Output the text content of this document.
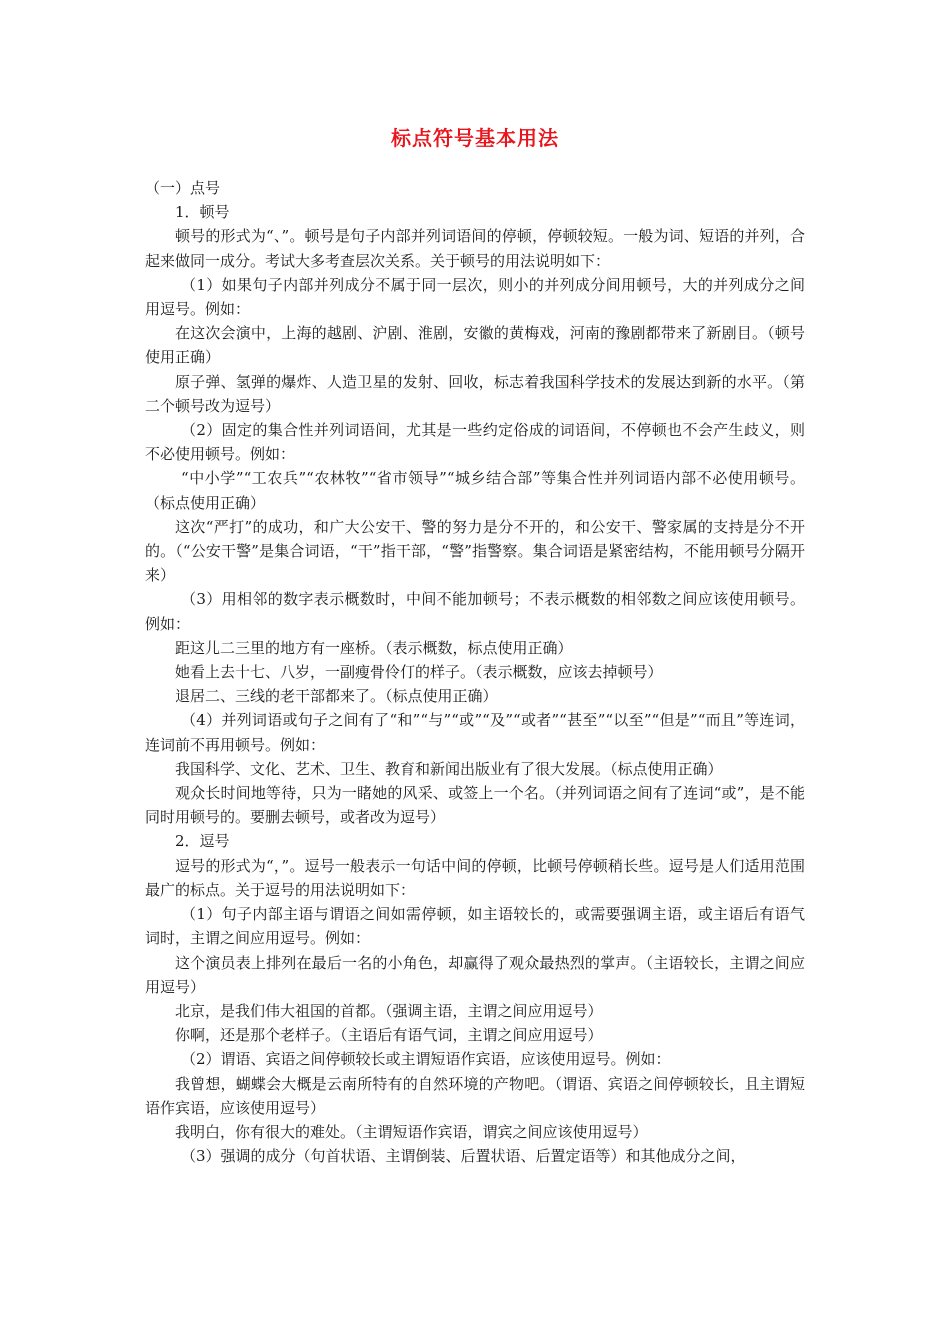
标点符号基本用法

（一）点号

1．顿号

顿号的形式为“、”。顿号是句子内部并列词语间的停顿，停顿较短。一般为词、短语的并列，合起来做同一成分。考试大多考查层次关系。关于顿号的用法说明如下：

（1）如果句子内部并列成分不属于同一层次，则小的并列成分间用顿号，大的并列成分之间用逗号。例如：

在这次会演中，上海的越剧、沪剧、淮剧，安徽的黄梅戏，河南的豫剧都带来了新剧目。（顿号使用正确）

原子弹、氢弹的爆炸、人造卫星的发射、回收，标志着我国科学技术的发展达到新的水平。（第二个顿号改为逗号）

（2）固定的集合性并列词语间，尤其是一些约定俗成的词语间，不停顿也不会产生歧义，则不必使用顿号。例如：

“中小学”“工农兵”“农林牧”“省市领导”“城乡结合部”等集合性并列词语内部不必使用顿号。（标点使用正确）

这次“严打”的成功，和广大公安干、警的努力是分不开的，和公安干、警家属的支持是分不开的。（“公安干警”是集合词语，“干”指干部，“警”指警察。集合词语是紧密结构，不能用顿号分隔开来）

（3）用相邻的数字表示概数时，中间不能加顿号；不表示概数的相邻数之间应该使用顿号。例如：

距这儿二三里的地方有一座桥。（表示概数，标点使用正确）

她看上去十七、八岁，一副瘦骨伶仃的样子。（表示概数，应该去掉顿号）

退居二、三线的老干部都来了。（标点使用正确）

（4）并列词语或句子之间有了“和”“与”“或”“及”“或者”“甚至”“以至”“但是”“而且”等连词，连词前不再用顿号。例如：

我国科学、文化、艺术、卫生、教育和新闻出版业有了很大发展。（标点使用正确）

观众长时间地等待，只为一睹她的风采、或签上一个名。（并列词语之间有了连词“或”，是不能同时用顿号的。要删去顿号，或者改为逗号）

2．逗号

逗号的形式为“，”。逗号一般表示一句话中间的停顿，比顿号停顿稍长些。逗号是人们适用范围最广的标点。关于逗号的用法说明如下：

（1）句子内部主语与谓语之间如需停顿，如主语较长的，或需要强调主语，或主语后有语气词时，主谓之间应用逗号。例如：

这个演员表上排列在最后一名的小角色，却赢得了观众最热烈的掌声。（主语较长，主谓之间应用逗号）

北京，是我们伟大祖国的首都。（强调主语，主谓之间应用逗号）

你啊，还是那个老样子。（主语后有语气词，主谓之间应用逗号）

（2）谓语、宾语之间停顿较长或主谓短语作宾语，应该使用逗号。例如：

我曾想，蝴蝶会大概是云南所特有的自然环境的产物吧。（谓语、宾语之间停顿较长，且主谓短语作宾语，应该使用逗号）

我明白，你有很大的难处。（主谓短语作宾语，谓宾之间应该使用逗号）

（3）强调的成分（句首状语、主谓倒装、后置状语、后置定语等）和其他成分之间，
